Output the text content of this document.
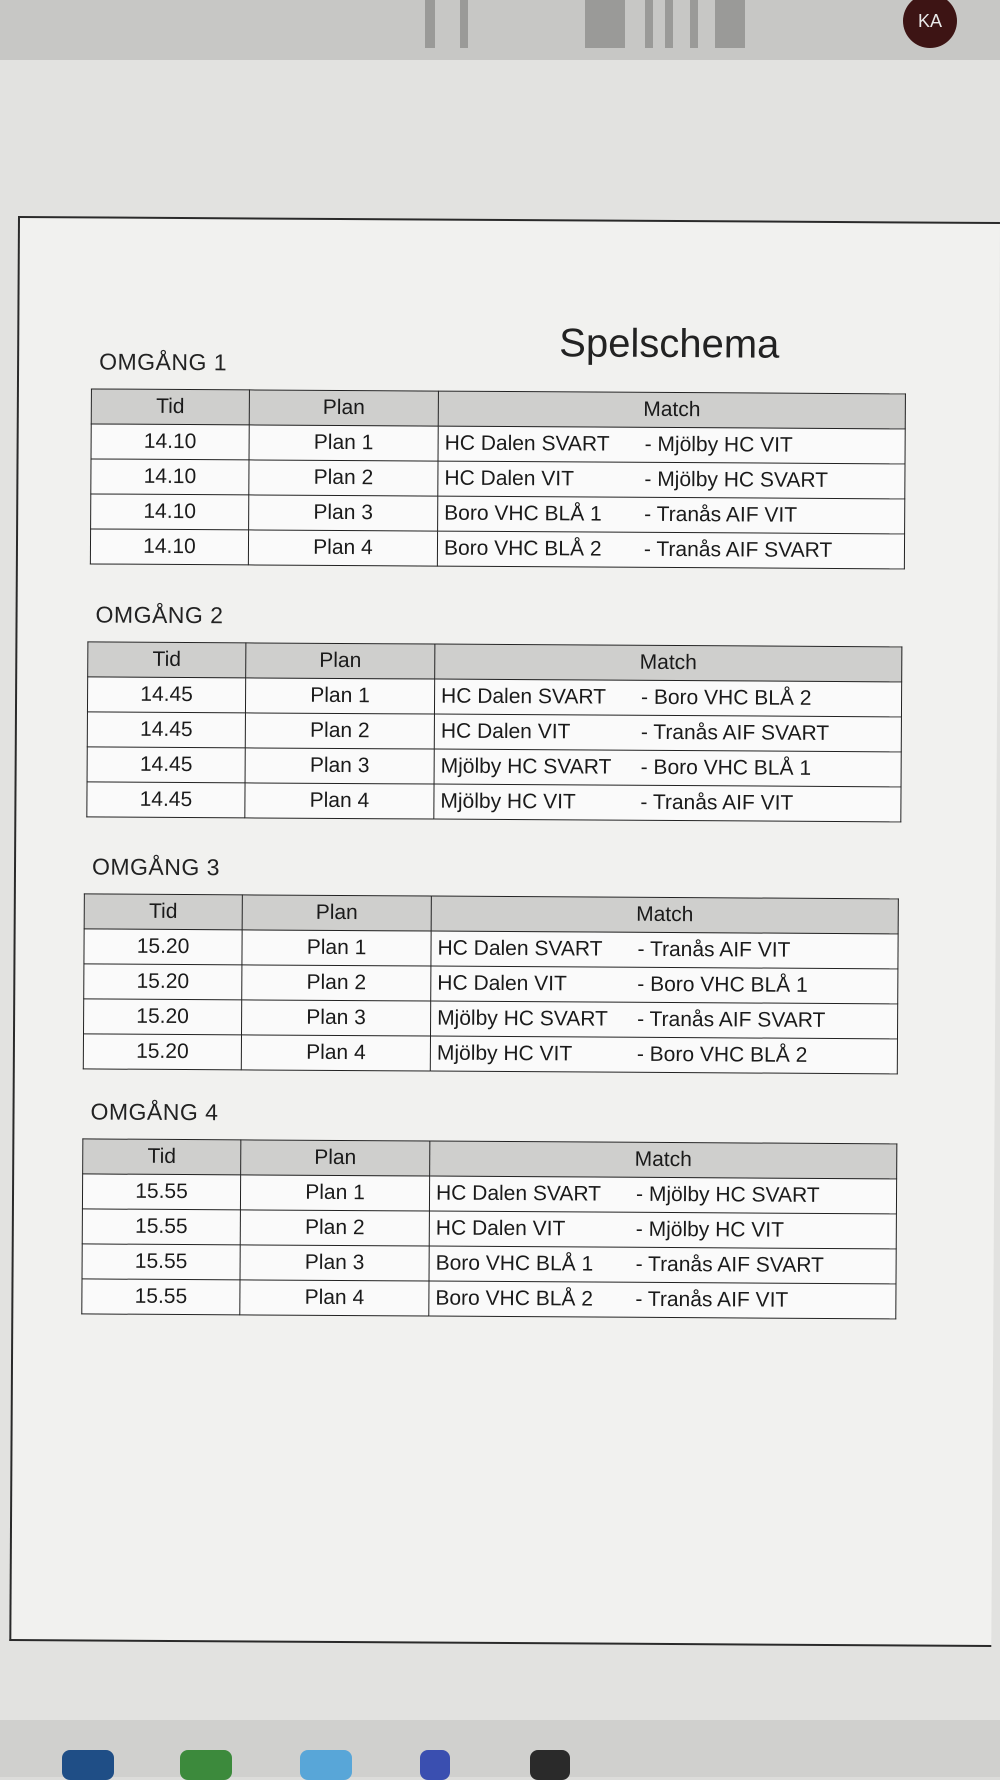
KA
Spelschema
OMGÅNG 1
Tid	Plan	Match
14.10	Plan 1	HC Dalen SVART - Mjölby HC VIT
14.10	Plan 2	HC Dalen VIT - Mjölby HC SVART
14.10	Plan 3	Boro VHC BLÅ 1 - Tranås AIF VIT
14.10	Plan 4	Boro VHC BLÅ 2 - Tranås AIF SVART
OMGÅNG 2
Tid	Plan	Match
14.45	Plan 1	HC Dalen SVART - Boro VHC BLÅ 2
14.45	Plan 2	HC Dalen VIT - Tranås AIF SVART
14.45	Plan 3	Mjölby HC SVART - Boro VHC BLÅ 1
14.45	Plan 4	Mjölby HC VIT - Tranås AIF VIT
OMGÅNG 3
Tid	Plan	Match
15.20	Plan 1	HC Dalen SVART - Tranås AIF VIT
15.20	Plan 2	HC Dalen VIT - Boro VHC BLÅ 1
15.20	Plan 3	Mjölby HC SVART - Tranås AIF SVART
15.20	Plan 4	Mjölby HC VIT - Boro VHC BLÅ 2
OMGÅNG 4
Tid	Plan	Match
15.55	Plan 1	HC Dalen SVART - Mjölby HC SVART
15.55	Plan 2	HC Dalen VIT - Mjölby HC VIT
15.55	Plan 3	Boro VHC BLÅ 1 - Tranås AIF SVART
15.55	Plan 4	Boro VHC BLÅ 2 - Tranås AIF VIT
